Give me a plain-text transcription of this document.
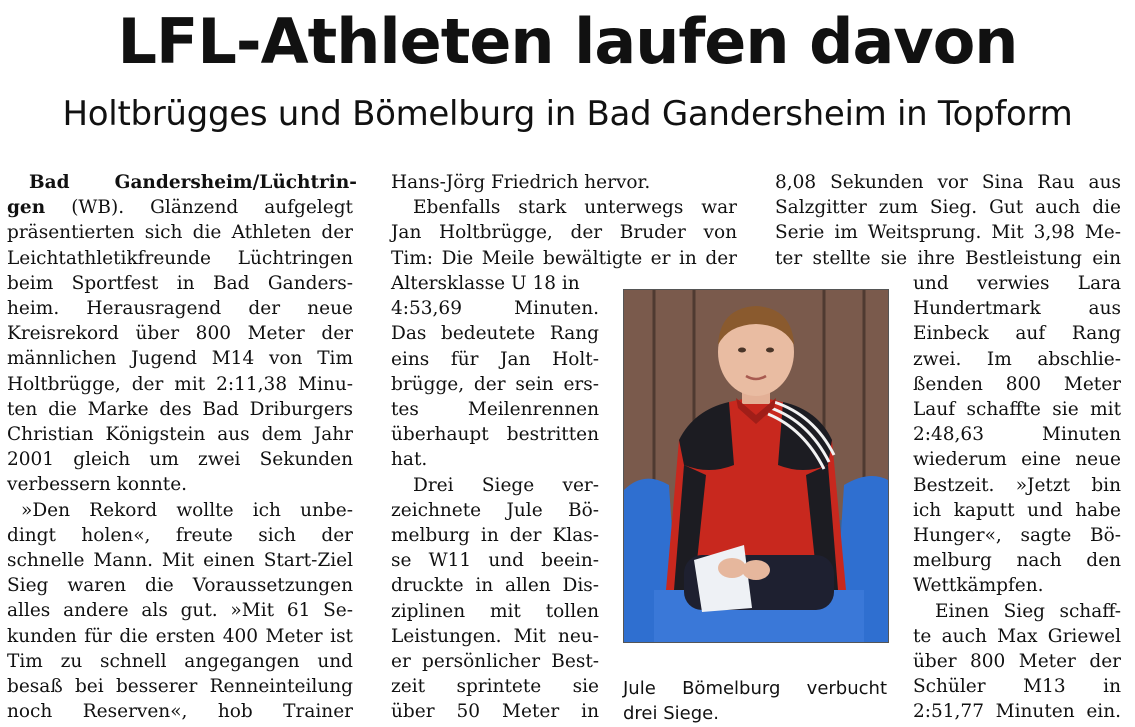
LFL-Athleten laufen davon
Holtbrügges und Bömelburg in Bad Gandersheim in Topform
Bad       Gandersheim/Lüchtrin-
gen (WB). Glänzend aufgelegt
präsentierten sich die Athleten der
Leichtathletikfreunde Lüchtringen
beim Sportfest in Bad Ganders-
heim. Herausragend der neue
Kreisrekord über 800 Meter der
männlichen Jugend M14 von Tim
Holtbrügge, der mit 2:11,38 Minu-
ten die Marke des Bad Driburgers
Christian Königstein aus dem Jahr
2001 gleich um zwei Sekunden
verbessern konnte.
»Den Rekord wollte ich unbe-
dingt holen«, freute sich der
schnelle Mann. Mit einen Start-Ziel
Sieg waren die Voraussetzungen
alles andere als gut. »Mit 61 Se-
kunden für die ersten 400 Meter ist
Tim zu schnell angegangen und
besaß bei besserer Renneinteilung
noch Reserven«, hob Trainer
Hans-Jörg Friedrich hervor.
Ebenfalls stark unterwegs war
Jan Holtbrügge, der Bruder von
Tim: Die Meile bewältigte er in der
Altersklasse U 18 in
4:53,69 Minuten.
Das bedeutete Rang
eins für Jan Holt-
brügge, der sein ers-
tes Meilenrennen
überhaupt bestritten
hat.
Drei Siege ver-
zeichnete Jule Bö-
melburg in der Klas-
se W11 und beein-
druckte in allen Dis-
ziplinen mit tollen
Leistungen. Mit neu-
er persönlicher Best-
zeit sprintete sie
über 50 Meter in
8,08 Sekunden vor Sina Rau aus
Salzgitter zum Sieg. Gut auch die
Serie im Weitsprung. Mit 3,98 Me-
ter stellte sie ihre Bestleistung ein
und verwies Lara
Hundertmark aus
Einbeck auf Rang
zwei. Im abschlie-
ßenden 800 Meter
Lauf schaffte sie mit
2:48,63 Minuten
wiederum eine neue
Bestzeit. »Jetzt bin
ich kaputt und habe
Hunger«, sagte Bö-
melburg nach den
Wettkämpfen.
Einen Sieg schaff-
te auch Max Griewel
über 800 Meter der
Schüler M13 in
2:51,77 Minuten ein.
Jule Bömelburg verbucht
drei Siege.
